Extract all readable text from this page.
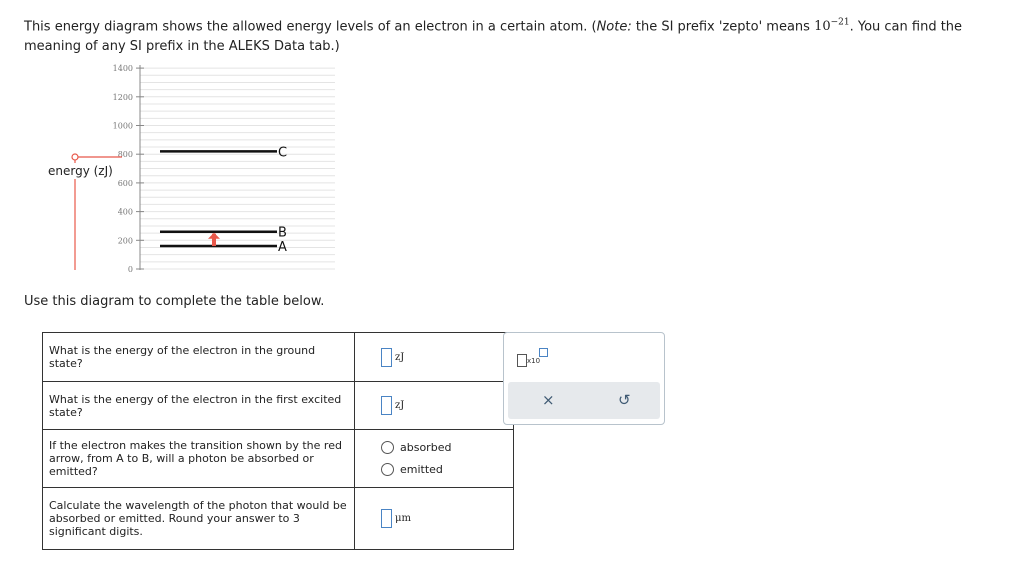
This energy diagram shows the allowed energy levels of an electron in a certain atom. (Note: the SI prefix 'zepto' means $10^{-21}$. You can find the meaning of any SI prefix in the ALEKS Data tab.)
0
200
400
600
800
1000
1200
1400
energy (zJ)
A
B
C
Use this diagram to complete the table below.
What is the energy of the electron in the ground state?	zJ
What is the energy of the electron in the first excited state?	zJ
If the electron makes the transition shown by the red arrow, from A to B, will a photon be absorbed or emitted?	absorbed
emitted

Calculate the wavelength of the photon that would be absorbed or emitted. Round your answer to 3 significant digits.	μm
x10
×	↺
